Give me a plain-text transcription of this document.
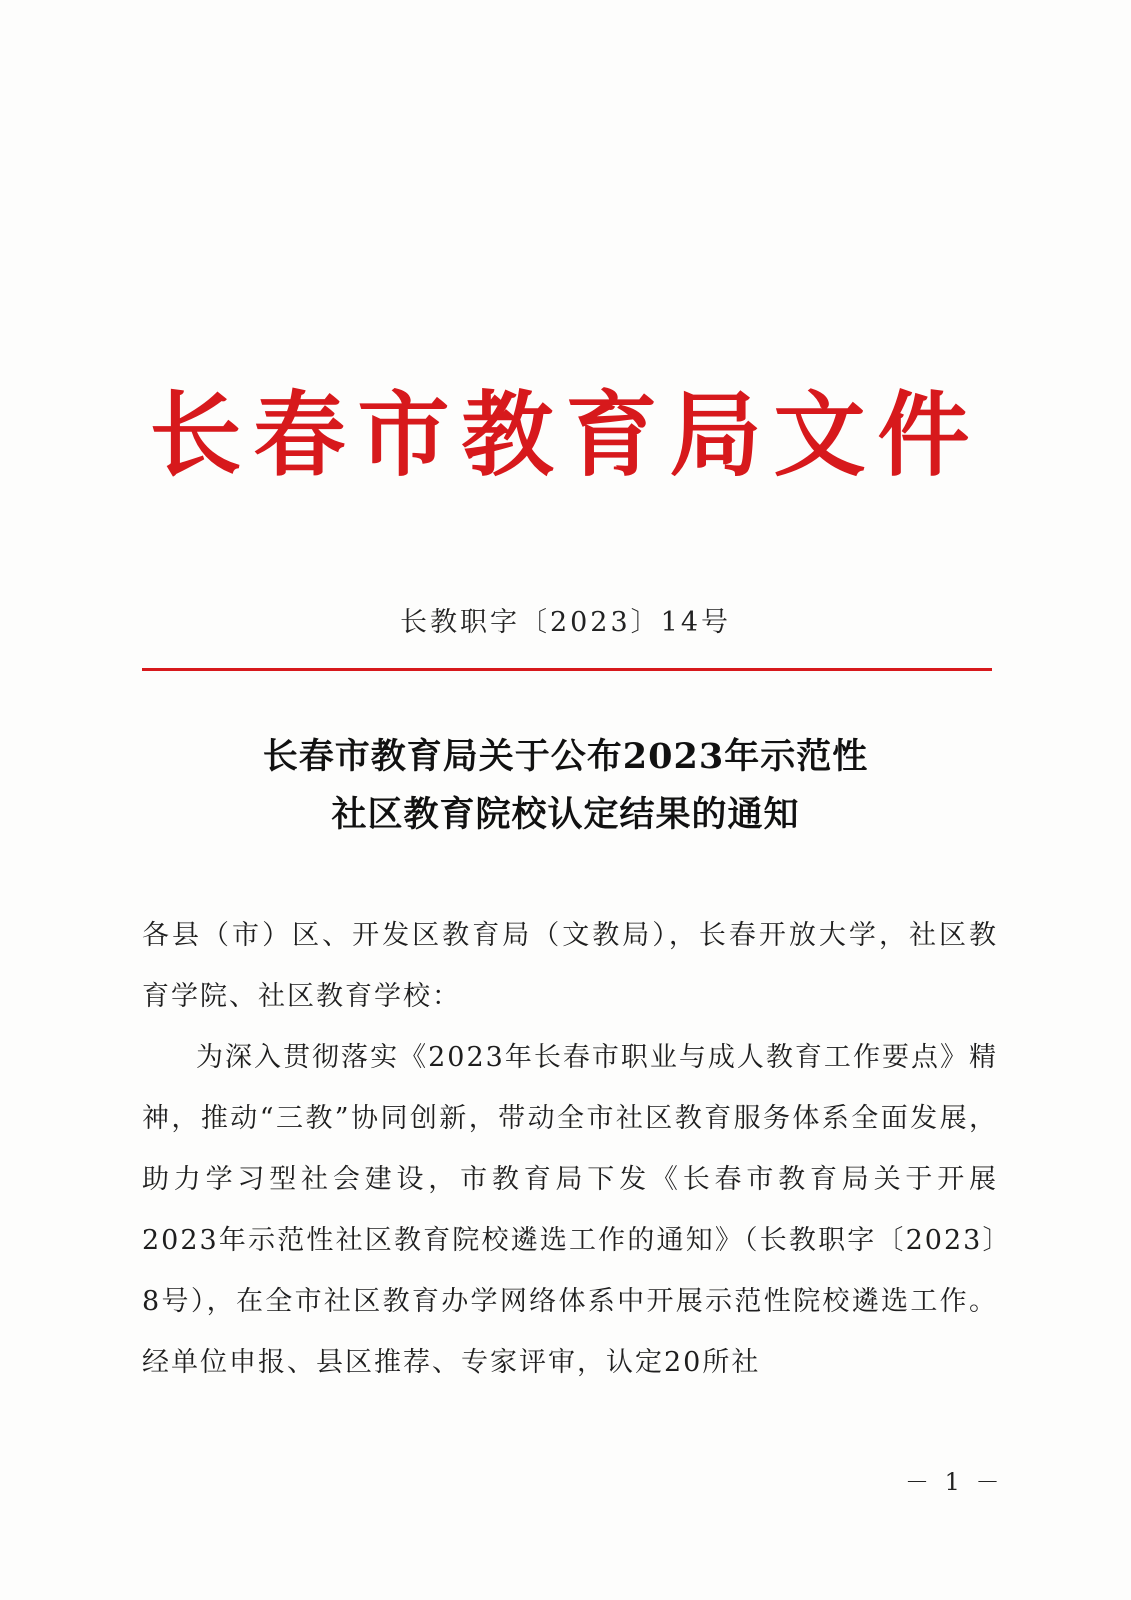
长春市教育局文件
长教职字〔2023〕14号
长春市教育局关于公布2023年示范性
社区教育院校认定结果的通知

各县（市）区、开发区教育局（文教局），长春开放大学，社区教育学院、社区教育学校：

为深入贯彻落实《2023年长春市职业与成人教育工作要点》精神，推动“三教”协同创新，带动全市社区教育服务体系全面发展，助力学习型社会建设，市教育局下发《长春市教育局关于开展2023年示范性社区教育院校遴选工作的通知》（长教职字〔2023〕8号），在全市社区教育办学网络体系中开展示范性院校遴选工作。经单位申报、县区推荐、专家评审，认定20所社

－ 1 －
